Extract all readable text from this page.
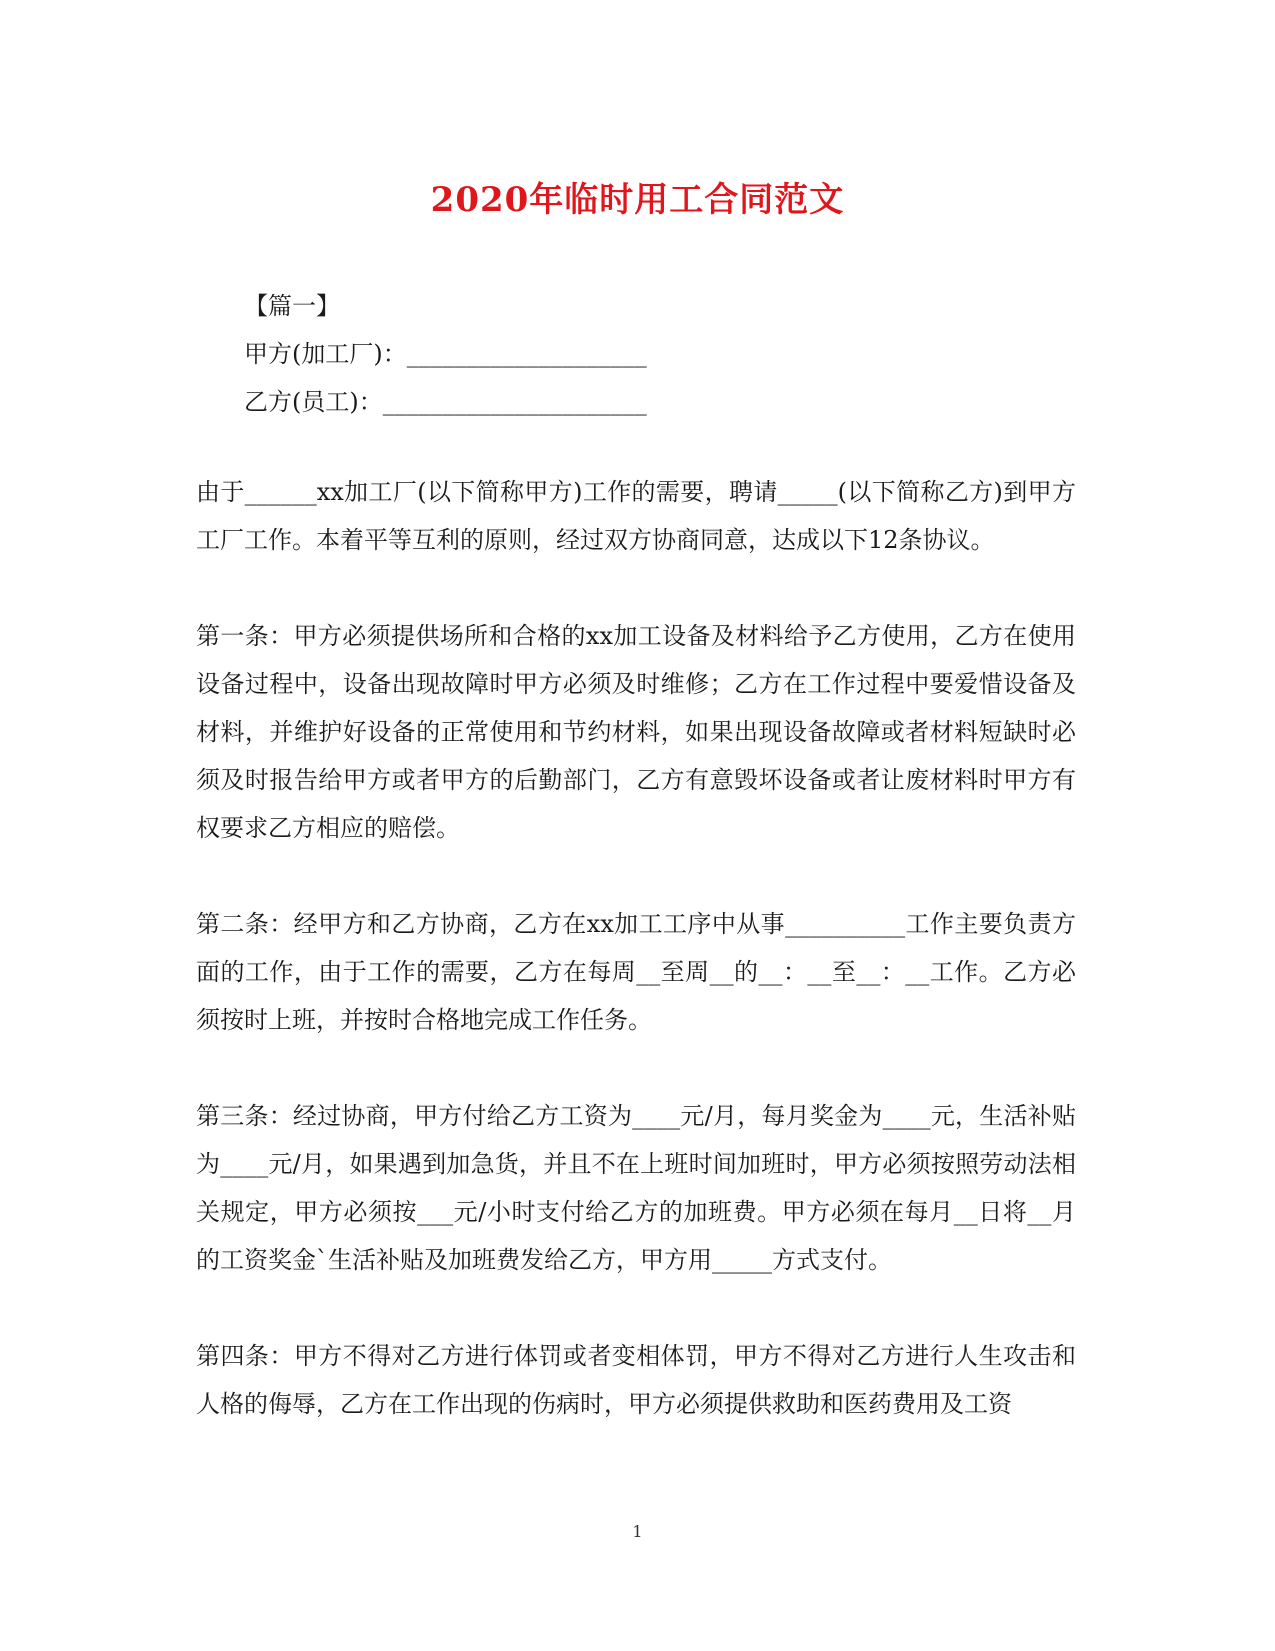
2020年临时用工合同范文
【篇一】
甲方(加工厂)：____________________
乙方(员工)：______________________

由于______xx加工厂(以下简称甲方)工作的需要，聘请_____(以下简称乙方)到甲方工厂工作。本着平等互利的原则，经过双方协商同意，达成以下12条协议。

第一条：甲方必须提供场所和合格的xx加工设备及材料给予乙方使用，乙方在使用设备过程中，设备出现故障时甲方必须及时维修；乙方在工作过程中要爱惜设备及材料，并维护好设备的正常使用和节约材料，如果出现设备故障或者材料短缺时必须及时报告给甲方或者甲方的后勤部门，乙方有意毁坏设备或者让废材料时甲方有权要求乙方相应的赔偿。

第二条：经甲方和乙方协商，乙方在xx加工工序中从事__________工作主要负责方面的工作，由于工作的需要，乙方在每周__至周__的__：__至__：__工作。乙方必须按时上班，并按时合格地完成工作任务。

第三条：经过协商，甲方付给乙方工资为____元/月，每月奖金为____元，生活补贴为____元/月，如果遇到加急货，并且不在上班时间加班时，甲方必须按照劳动法相关规定，甲方必须按___元/小时支付给乙方的加班费。甲方必须在每月__日将__月的工资奖金`生活补贴及加班费发给乙方，甲方用_____方式支付。

第四条：甲方不得对乙方进行体罚或者变相体罚，甲方不得对乙方进行人生攻击和人格的侮辱，乙方在工作出现的伤病时，甲方必须提供救助和医药费用及工资

1
